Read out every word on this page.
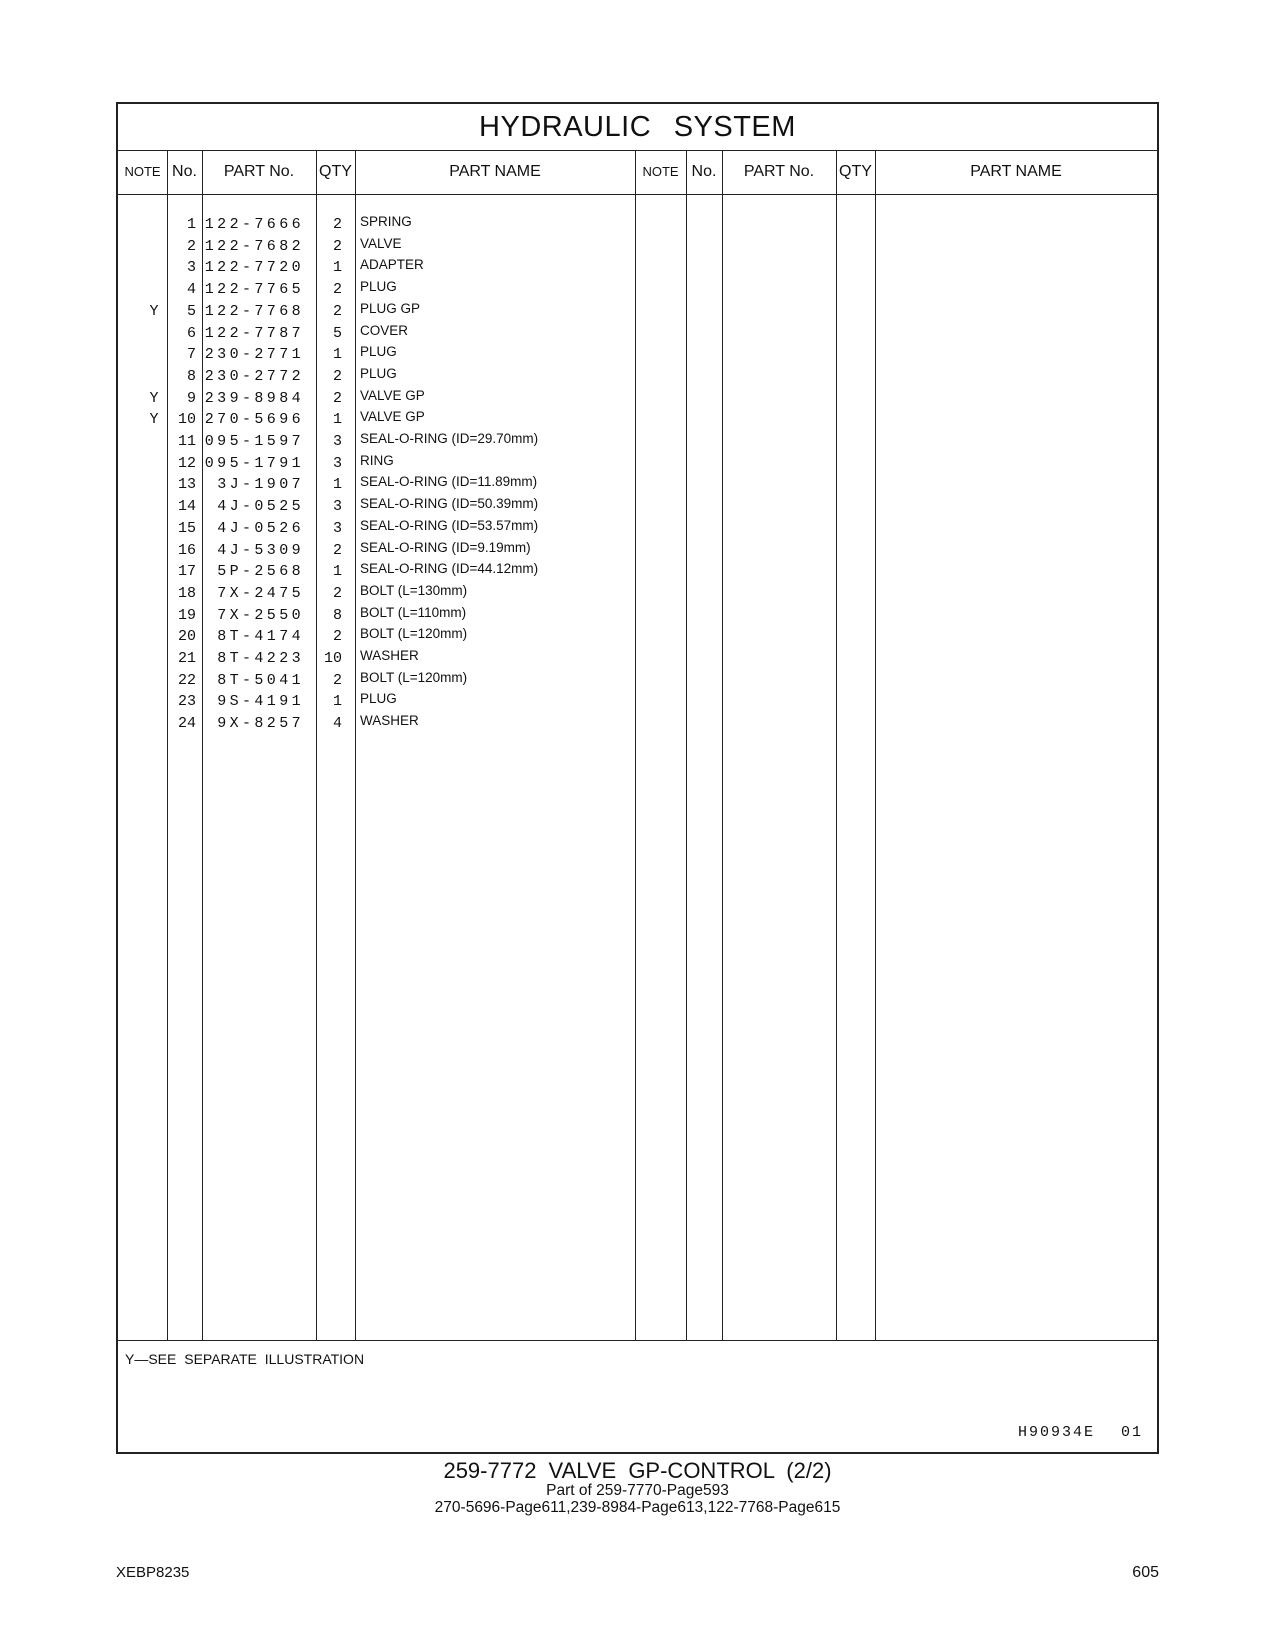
HYDRAULIC SYSTEM
NOTE No.	PART No.	QTY	PART NAME	NOTE No.	PART No.	QTY	PART NAME
1 122-7666	2 SPRING
2 122-7682	2 VALVE
3 122-7720	1 ADAPTER
4 122-7765	2 PLUG
Y	5 122-7768	2 PLUG GP
6 122-7787	5 COVER
7 230-2771	1 PLUG
8 230-2772	2 PLUG
Y	9 239-8984	2 VALVE GP
Y	10 270-5696	1 VALVE GP
11 095-1597	3 SEAL-O-RING (ID=29.70mm)
12 095-1791	3 RING
13	3J-1907	1 SEAL-O-RING (ID=11.89mm)
14	4J-0525	3 SEAL-O-RING (ID=50.39mm)
15	4J-0526	3 SEAL-O-RING (ID=53.57mm)
16	4J-5309	2 SEAL-O-RING (ID=9.19mm)
17	5P-2568	1 SEAL-O-RING (ID=44.12mm)
18	7X-2475	2 BOLT (L=130mm)
19	7X-2550	8 BOLT (L=110mm)
20	8T-4174	2 BOLT (L=120mm)
21	8T-4223	10 WASHER
22	8T-5041	2 BOLT (L=120mm)
23	9S-4191	1 PLUG
24	9X-8257	4 WASHER
Y—SEE SEPARATE ILLUSTRATION
H90934E 01
259-7772 VALVE GP-CONTROL (2/2)
Part of 259-7770-Page593
270-5696-Page611,239-8984-Page613,122-7768-Page615
XEBP8235	605
